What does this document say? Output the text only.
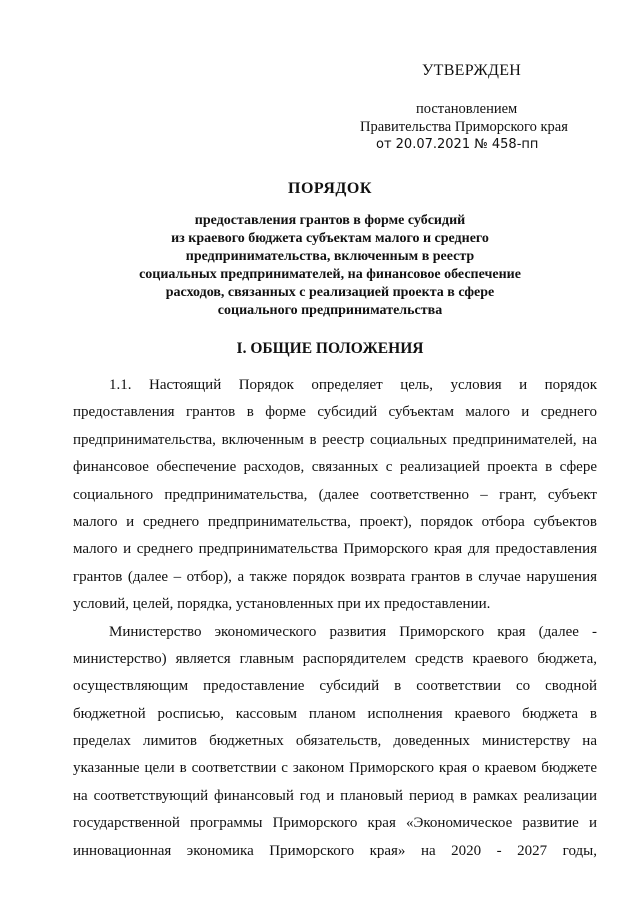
УТВЕРЖДЕН
постановлением
Правительства Приморского края
от 20.07.2021 № 458-пп
ПОРЯДОК
предоставления грантов в форме субсидий
из краевого бюджета субъектам малого и среднего
предпринимательства, включенным в реестр
социальных предпринимателей, на финансовое обеспечение
расходов, связанных с реализацией проекта в сфере
социального предпринимательства
I. ОБЩИЕ ПОЛОЖЕНИЯ
1.1. Настоящий Порядок определяет цель, условия и порядок
предоставления грантов в форме субсидий субъектам малого и среднего
предпринимательства, включенным в реестр социальных предпринимателей, на
финансовое обеспечение расходов, связанных с реализацией проекта в сфере
социального предпринимательства, (далее соответственно – грант, субъект
малого и среднего предпринимательства, проект), порядок отбора субъектов
малого и среднего предпринимательства Приморского края для предоставления
грантов (далее – отбор), а также порядок возврата грантов в случае нарушения
условий, целей, порядка, установленных при их предоставлении.
Министерство экономического развития Приморского края (далее -
министерство) является главным распорядителем средств краевого бюджета,
осуществляющим предоставление субсидий в соответствии со сводной
бюджетной росписью, кассовым планом исполнения краевого бюджета в
пределах лимитов бюджетных обязательств, доведенных министерству на
указанные цели в соответствии с законом Приморского края о краевом бюджете
на соответствующий финансовый год и плановый период в рамках реализации
государственной программы Приморского края «Экономическое развитие и
инновационная экономика Приморского края» на 2020 - 2027 годы,
